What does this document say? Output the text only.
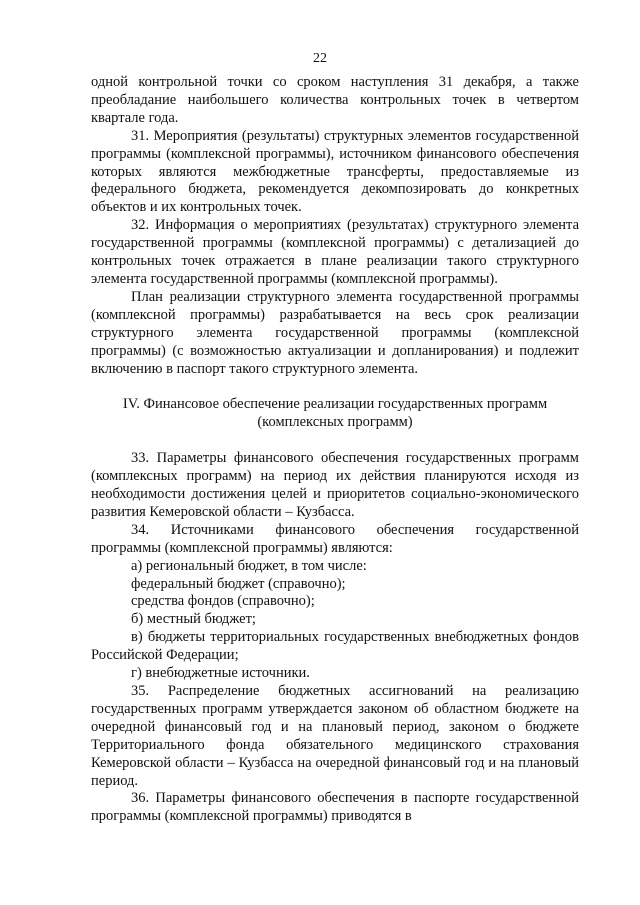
22

одной контрольной точки со сроком наступления 31 декабря, а также преобладание наибольшего количества контрольных точек в четвертом квартале года.

31. Мероприятия (результаты) структурных элементов государственной программы (комплексной программы), источником финансового обеспечения которых являются межбюджетные трансферты, предоставляемые из федерального бюджета, рекомендуется декомпозировать до конкретных объектов и их контрольных точек.

32. Информация о мероприятиях (результатах) структурного элемента государственной программы (комплексной программы) с детализацией до контрольных точек отражается в плане реализации такого структурного элемента государственной программы (комплексной программы).

План реализации структурного элемента государственной программы (комплексной программы) разрабатывается на весь срок реализации структурного элемента государственной программы (комплексной программы) (с возможностью актуализации и допланирования) и подлежит включению в паспорт такого структурного элемента.

IV. Финансовое обеспечение реализации государственных программ

(комплексных программ)

33. Параметры финансового обеспечения государственных программ (комплексных программ) на период их действия планируются исходя из необходимости достижения целей и приоритетов социально-экономического развития Кемеровской области – Кузбасса.

34. Источниками финансового обеспечения государственной программы (комплексной программы) являются:

а) региональный бюджет, в том числе:

федеральный бюджет (справочно);

средства фондов (справочно);

б) местный бюджет;

в) бюджеты территориальных государственных внебюджетных фондов Российской Федерации;

г) внебюджетные источники.

35. Распределение бюджетных ассигнований на реализацию государственных программ утверждается законом об областном бюджете на очередной финансовый год и на плановый период, законом о бюджете Территориального фонда обязательного медицинского страхования Кемеровской области – Кузбасса на очередной финансовый год и на плановый период.

36. Параметры финансового обеспечения в паспорте государственной программы (комплексной программы) приводятся в
